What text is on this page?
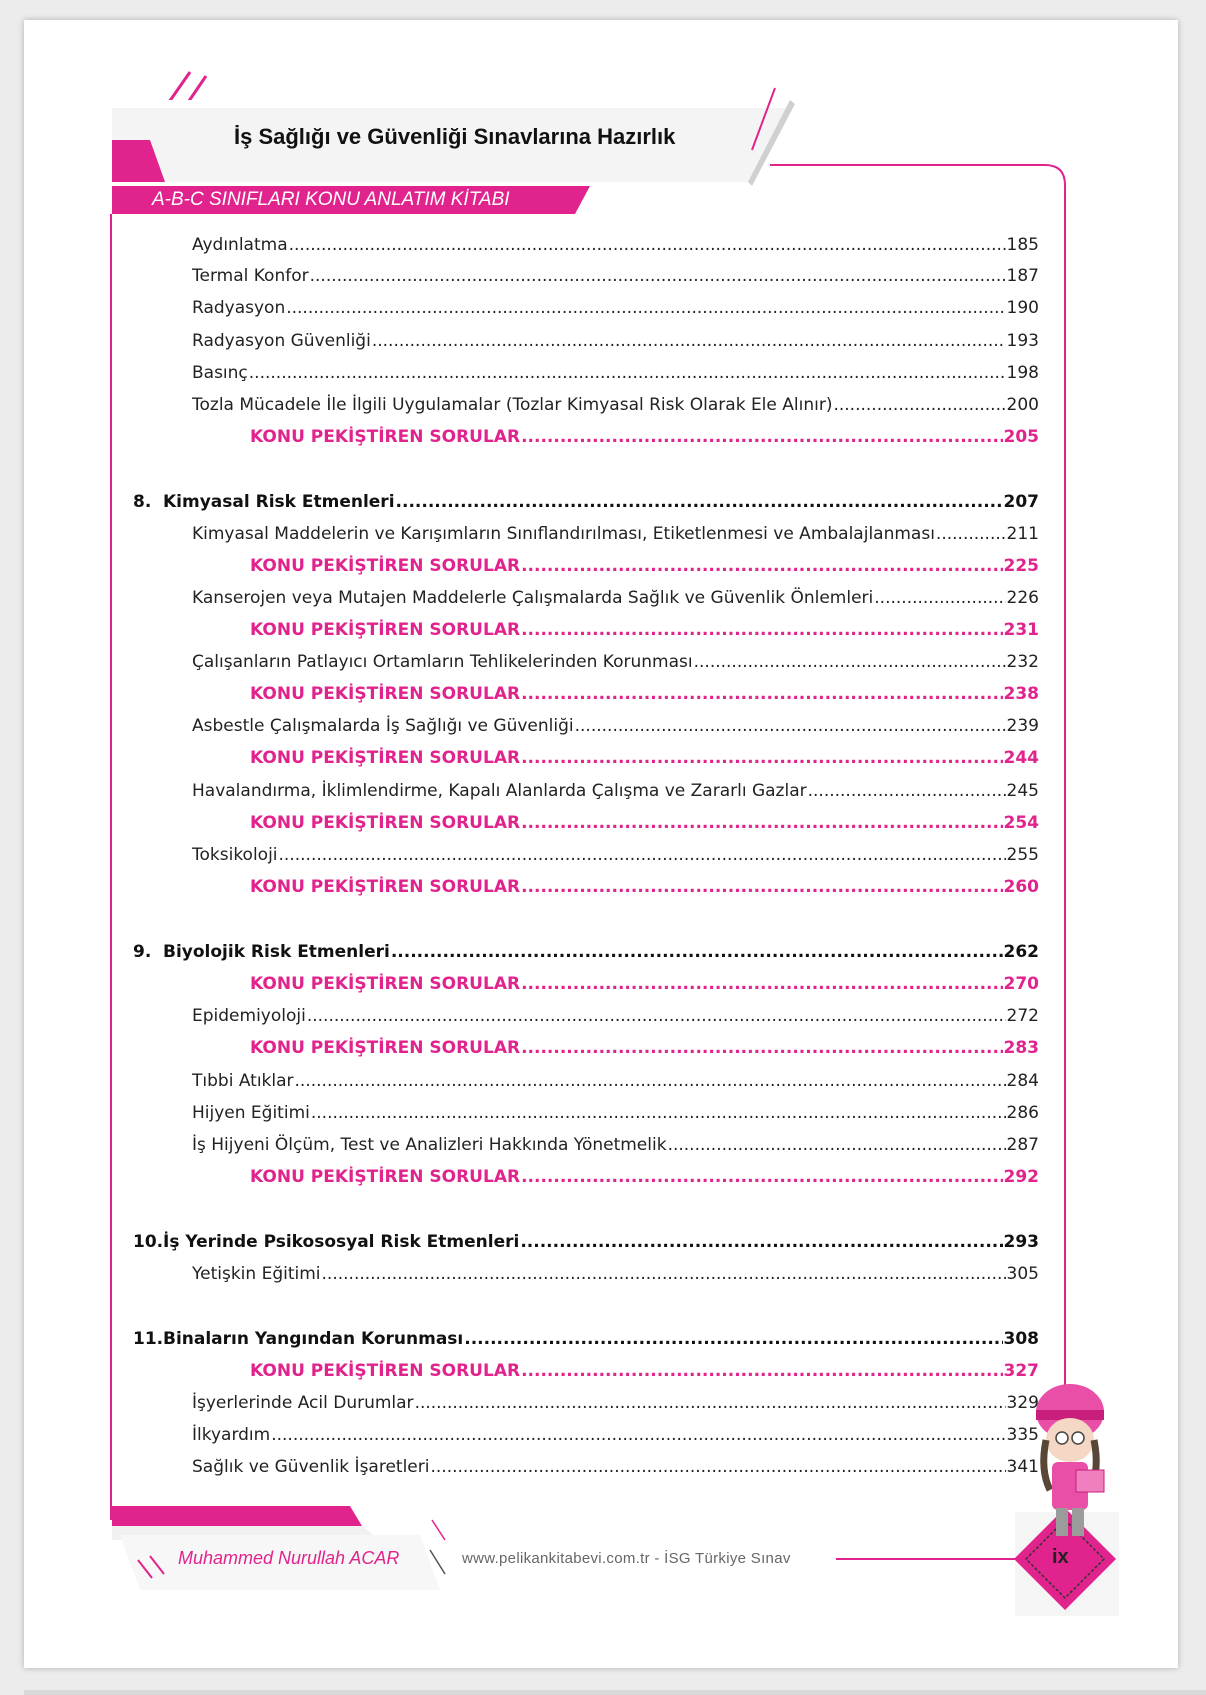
İş Sağlığı ve Güvenliği Sınavlarına Hazırlık
A-B-C SINIFLARI KONU ANLATIM KİTABI
Aydınlatma .....	185
Termal Konfor .....	187
Radyasyon .....	190
Radyasyon Güvenliği .....	193
Basınç .....	198
Tozla Mücadele İle İlgili Uygulamalar (Tozlar Kimyasal Risk Olarak Ele Alınır) .....	200
KONU PEKİŞTİREN SORULAR .....	205
8. Kimyasal Risk Etmenleri .....	207
Kimyasal Maddelerin ve Karışımların Sınıflandırılması, Etiketlenmesi ve Ambalajlanması .....	211
KONU PEKİŞTİREN SORULAR .....	225
Kanserojen veya Mutajen Maddelerle Çalışmalarda Sağlık ve Güvenlik Önlemleri .....	226
KONU PEKİŞTİREN SORULAR .....	231
Çalışanların Patlayıcı Ortamların Tehlikelerinden Korunması .....	232
KONU PEKİŞTİREN SORULAR .....	238
Asbestle Çalışmalarda İş Sağlığı ve Güvenliği .....	239
KONU PEKİŞTİREN SORULAR .....	244
Havalandırma, İklimlendirme, Kapalı Alanlarda Çalışma ve Zararlı Gazlar .....	245
KONU PEKİŞTİREN SORULAR .....	254
Toksikoloji .....	255
KONU PEKİŞTİREN SORULAR .....	260
9. Biyolojik Risk Etmenleri .....	262
KONU PEKİŞTİREN SORULAR .....	270
Epidemiyoloji .....	272
KONU PEKİŞTİREN SORULAR .....	283
Tıbbi Atıklar .....	284
Hijyen Eğitimi .....	286
İş Hijyeni Ölçüm, Test ve Analizleri Hakkında Yönetmelik .....	287
KONU PEKİŞTİREN SORULAR .....	292
10.İş Yerinde Psikososyal Risk Etmenleri .....	293
Yetişkin Eğitimi .....	305
11.Binaların Yangından Korunması .....	308
KONU PEKİŞTİREN SORULAR .....	327
İşyerlerinde Acil Durumlar .....	329
İlkyardım .....	335
Sağlık ve Güvenlik İşaretleri .....	341
Muhammed Nurullah ACAR	www.pelikankitabevi.com.tr - İSG Türkiye Sınav	ix
